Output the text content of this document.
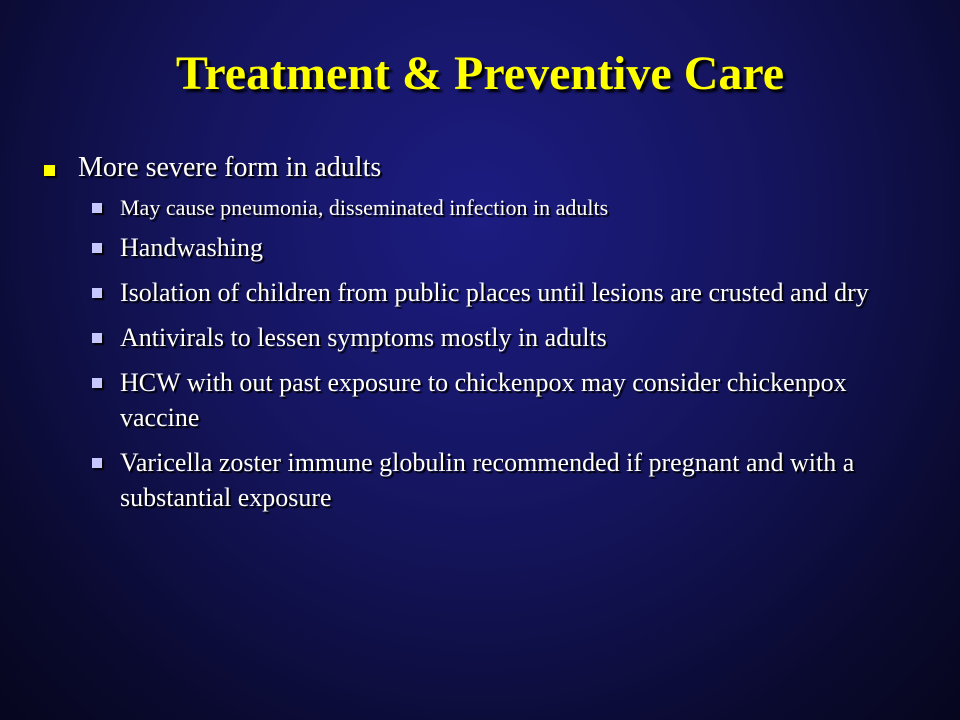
Treatment & Preventive Care

More severe form in adults

May cause pneumonia, disseminated infection in adults

Handwashing

Isolation of children from public places until lesions are crusted and dry

Antivirals to lessen symptoms mostly in adults

HCW with out past exposure to chickenpox may consider chickenpox vaccine

Varicella zoster immune globulin recommended if pregnant and with a substantial exposure
